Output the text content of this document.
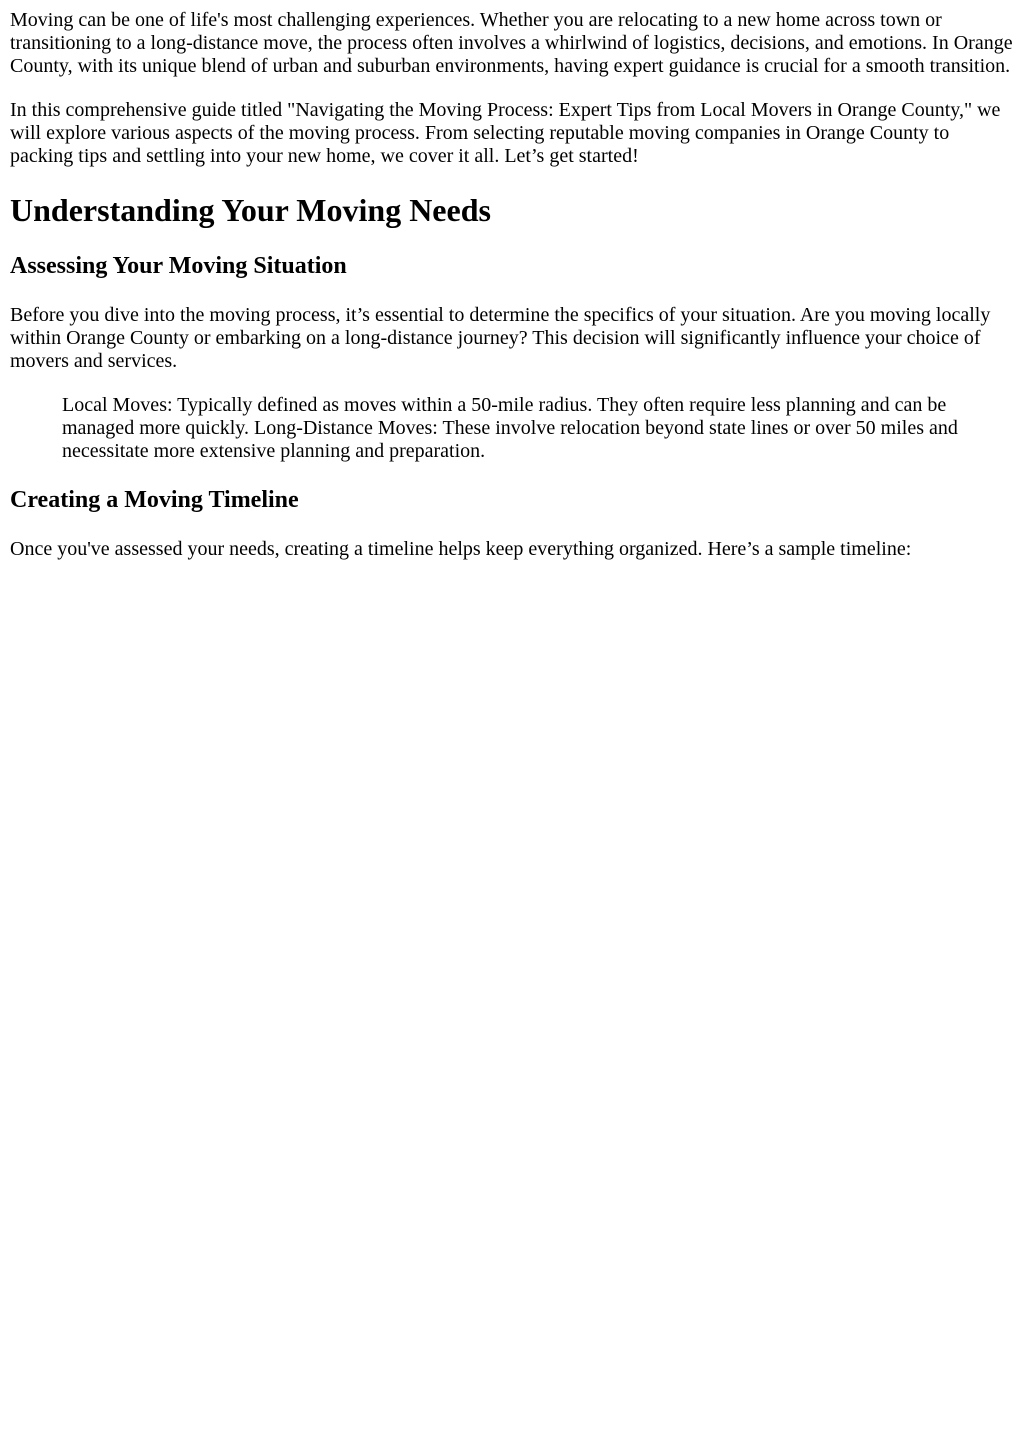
Moving can be one of life's most challenging experiences. Whether you are relocating to a new home across town or transitioning to a long-distance move, the process often involves a whirlwind of logistics, decisions, and emotions. In Orange County, with its unique blend of urban and suburban environments, having expert guidance is crucial for a smooth transition.

In this comprehensive guide titled "Navigating the Moving Process: Expert Tips from Local Movers in Orange County," we will explore various aspects of the moving process. From selecting reputable moving companies in Orange County to packing tips and settling into your new home, we cover it all. Let’s get started!

Understanding Your Moving Needs
Assessing Your Moving Situation

Before you dive into the moving process, it’s essential to determine the specifics of your situation. Are you moving locally within Orange County or embarking on a long-distance journey? This decision will significantly influence your choice of movers and services.

Local Moves: Typically defined as moves within a 50-mile radius. They often require less planning and can be managed more quickly. Long-Distance Moves: These involve relocation beyond state lines or over 50 miles and necessitate more extensive planning and preparation.
Creating a Moving Timeline

Once you've assessed your needs, creating a timeline helps keep everything organized. Here’s a sample timeline:
